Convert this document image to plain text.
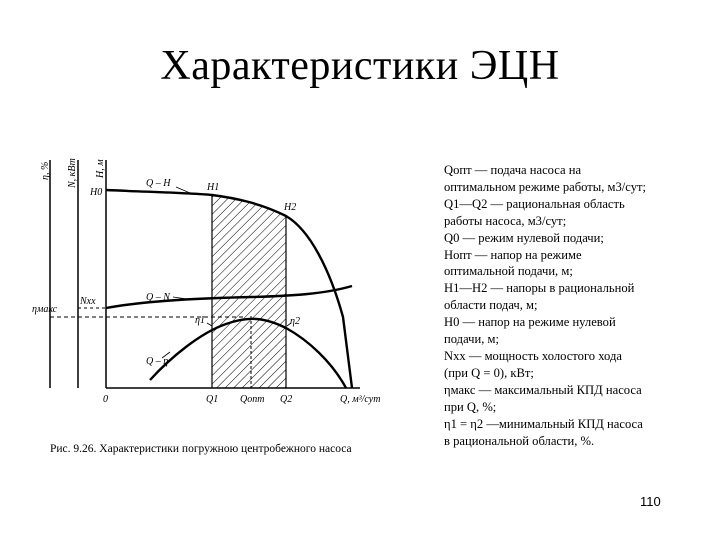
Характеристики ЭЦН
η, % N, кВт H, м
H0
Q – H	H1
H2
Q – N
Nхх
ηмакс
η1	η2
Q – η
0	Q1 Qопт Q2	Q, м³/сут
Рис. 9.26. Характеристики погружною центробежного насоса
Qопт — подача насоса на
оптимальном режиме работы, м3/сут;
Q1—Q2 — рациональная область
работы насоса, м3/сут;
Q0 — режим нулевой подачи;
Нопт — напор на режиме
оптимальной подачи, м;
Н1—Н2 — напоры в рациональной
области подач, м;
Н0 — напор на режиме нулевой
подачи, м;
Nхх — мощность холостого хода
(при Q = 0), кВт;
ηмакс — максимальный КПД насоса
при Q, %;
η1 = η2 —минимальный КПД насоса
в рациональной области, %.
110
